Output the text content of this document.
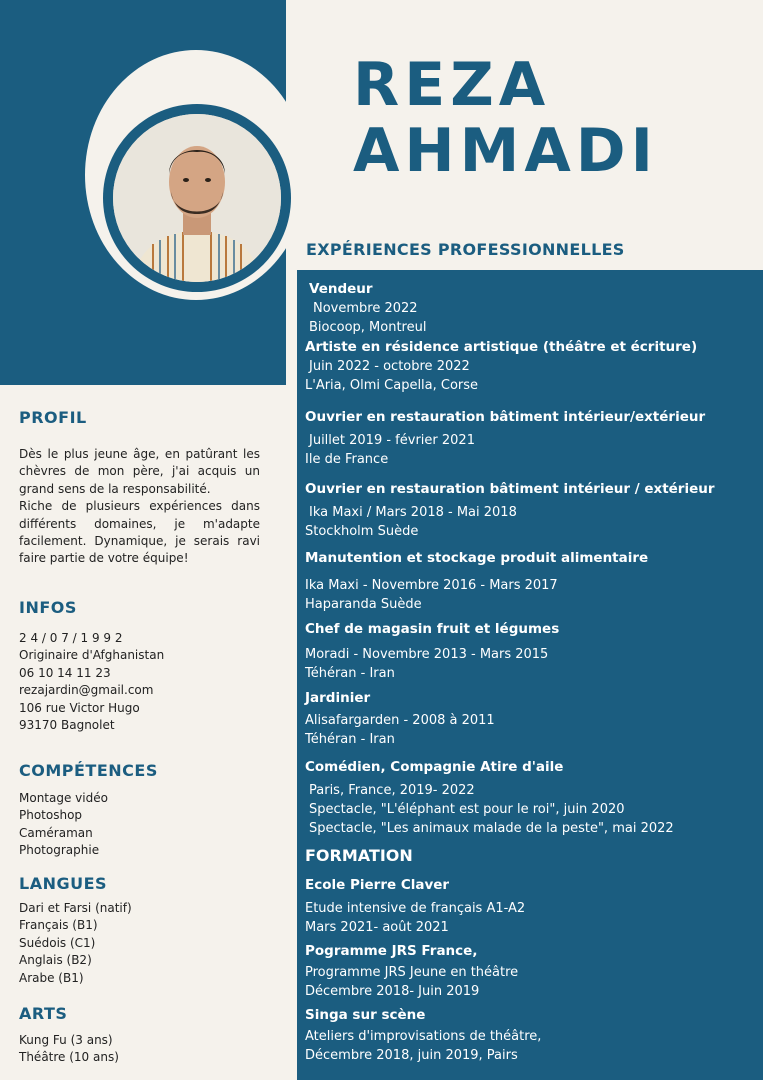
REZA
AHMADI
EXPÉRIENCES PROFESSIONNELLES
PROFIL
Dès le plus jeune âge, en patûrant les chèvres de mon père, j'ai acquis un grand sens de la responsabilité.
Riche de plusieurs expériences dans différents domaines, je m'adapte facilement. Dynamique, je serais ravi faire partie de votre équipe!
INFOS
2 4 / 0 7 / 1 9 9 2
Originaire d'Afghanistan
06 10 14 11 23
rezajardin@gmail.com
106 rue Victor Hugo
93170 Bagnolet
COMPÉTENCES
Montage vidéo
Photoshop
Caméraman
Photographie
LANGUES
Dari et Farsi (natif)
Français (B1)
Suédois (C1)
Anglais (B2)
Arabe (B1)
ARTS
Kung Fu (3 ans)
Théâtre (10 ans)
Vendeur
Novembre 2022
Biocoop, Montreul
Artiste en résidence artistique (théâtre et écriture)
Juin 2022 - octobre 2022
L'Aria, Olmi Capella, Corse
Ouvrier en restauration bâtiment intérieur/extérieur
Juillet 2019 - février 2021
Ile de France
Ouvrier en restauration bâtiment intérieur / extérieur
Ika Maxi / Mars 2018 - Mai 2018
Stockholm Suède
Manutention et stockage produit alimentaire
Ika Maxi - Novembre 2016 - Mars 2017
Haparanda Suède
Chef de magasin fruit et légumes
Moradi - Novembre 2013 - Mars 2015
Téhéran - Iran
Jardinier
Alisafargarden - 2008 à 2011
Téhéran - Iran
Comédien, Compagnie Atire d'aile
Paris, France, 2019- 2022
Spectacle, "L'éléphant est pour le roi", juin 2020
Spectacle, "Les animaux malade de la peste", mai 2022
FORMATION
Ecole Pierre Claver
Etude intensive de français A1-A2
Mars 2021- août 2021
Pogramme JRS France,
Programme JRS Jeune en théâtre
Décembre 2018- Juin 2019
Singa sur scène
Ateliers d'improvisations de théâtre,
Décembre 2018, juin 2019, Pairs
